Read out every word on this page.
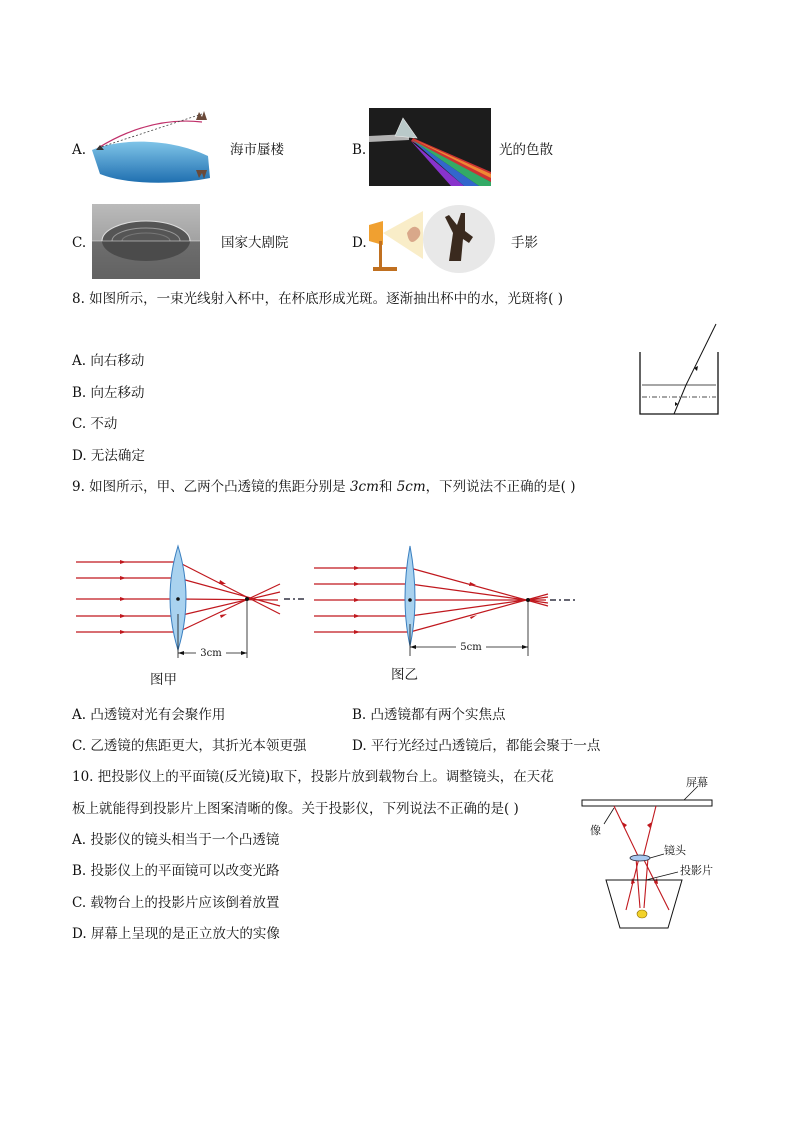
A.	海市蜃楼	B.	光的色散
C.	国家大剧院	D.	手影
8. 如图所示，一束光线射入杯中，在杯底形成光斑。逐渐抽出杯中的水，光斑将( )
A. 向右移动
B. 向左移动
C. 不动
D. 无法确定
9. 如图所示，甲、乙两个凸透镜的焦距分别是 3cm和 5cm，下列说法不正确的是( )
3cm
图甲
5cm
图乙
A. 凸透镜对光有会聚作用	B. 凸透镜都有两个实焦点
C. 乙透镜的焦距更大，其折光本领更强	D. 平行光经过凸透镜后，都能会聚于一点
10. 把投影仪上的平面镜(反光镜)取下，投影片放到载物台上。调整镜头，在天花
板上就能得到投影片上图案清晰的像。关于投影仪，下列说法不正确的是( )
A. 投影仪的镜头相当于一个凸透镜
B. 投影仪上的平面镜可以改变光路
C. 载物台上的投影片应该倒着放置
D. 屏幕上呈现的是正立放大的实像
屏幕
像
镜头
投影片
